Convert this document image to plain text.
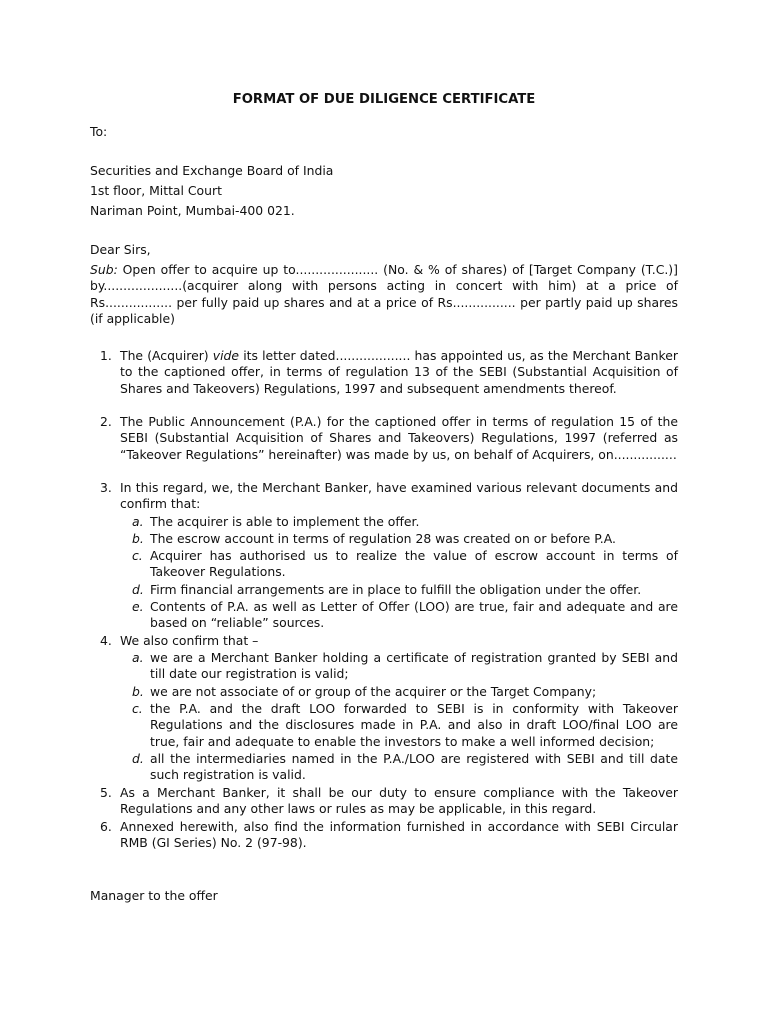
FORMAT OF DUE DILIGENCE CERTIFICATE
To:
Securities and Exchange Board of India
1st floor, Mittal Court
Nariman Point, Mumbai-400 021.
Dear Sirs,
Sub: Open offer to acquire up to..................... (No. & % of shares) of [Target Company (T.C.)] by....................(acquirer along with persons acting in concert with him) at a price of Rs................. per fully paid up shares and at a price of Rs................ per partly paid up shares (if applicable)
1. The (Acquirer) vide its letter dated................... has appointed us, as the Merchant Banker to the captioned offer, in terms of regulation 13 of the SEBI (Substantial Acquisition of Shares and Takeovers) Regulations, 1997 and subsequent amendments thereof.
2. The Public Announcement (P.A.) for the captioned offer in terms of regulation 15 of the SEBI (Substantial Acquisition of Shares and Takeovers) Regulations, 1997 (referred as “Takeover Regulations” hereinafter) was made by us, on behalf of Acquirers, on................
3. In this regard, we, the Merchant Banker, have examined various relevant documents and confirm that:
a. The acquirer is able to implement the offer.
b. The escrow account in terms of regulation 28 was created on or before P.A.
c. Acquirer has authorised us to realize the value of escrow account in terms of Takeover Regulations.
d. Firm financial arrangements are in place to fulfill the obligation under the offer.
e. Contents of P.A. as well as Letter of Offer (LOO) are true, fair and adequate and are based on “reliable” sources.
4. We also confirm that –
a. we are a Merchant Banker holding a certificate of registration granted by SEBI and till date our registration is valid;
b. we are not associate of or group of the acquirer or the Target Company;
c. the P.A. and the draft LOO forwarded to SEBI is in conformity with Takeover Regulations and the disclosures made in P.A. and also in draft LOO/final LOO are true, fair and adequate to enable the investors to make a well informed decision;
d. all the intermediaries named in the P.A./LOO are registered with SEBI and till date such registration is valid.
5. As a Merchant Banker, it shall be our duty to ensure compliance with the Takeover Regulations and any other laws or rules as may be applicable, in this regard.
6. Annexed herewith, also find the information furnished in accordance with SEBI Circular RMB (GI Series) No. 2 (97-98).
Manager to the offer
